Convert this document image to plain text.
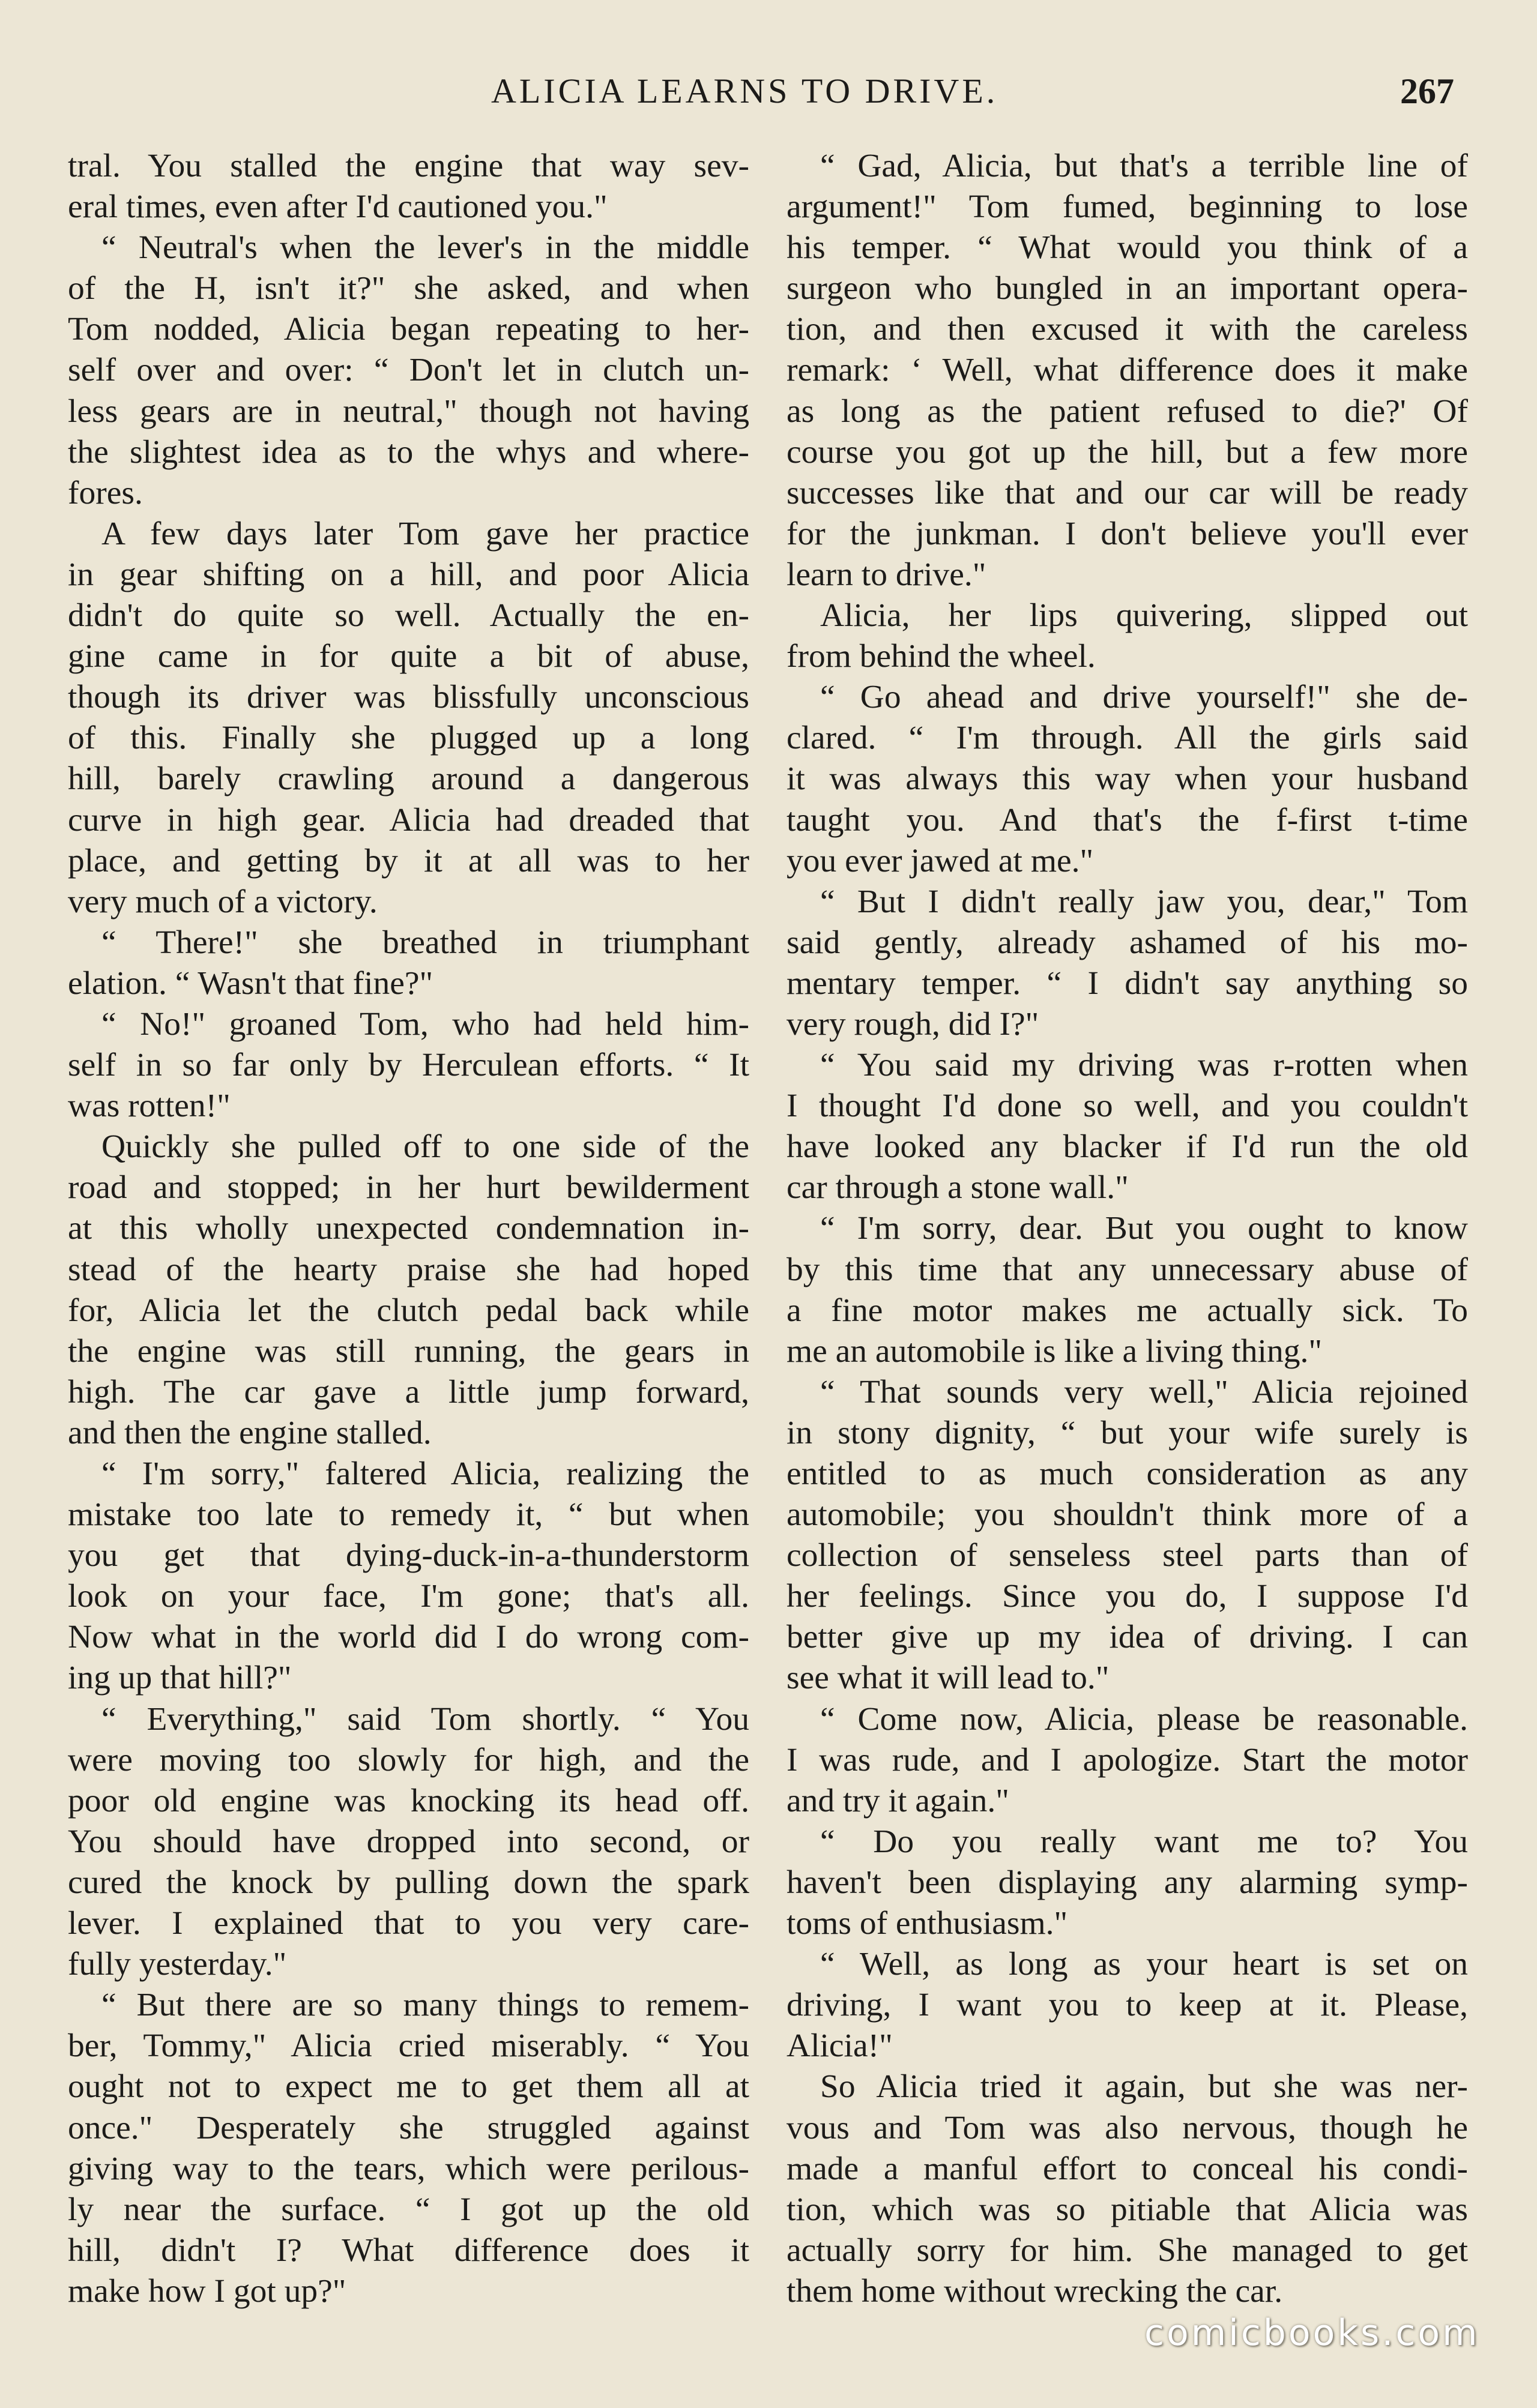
ALICIA LEARNS TO DRIVE.	267
tral. You stalled the engine that way sev-
eral times, even after I'd cautioned you."
“ Neutral's when the lever's in the middle
of the H, isn't it?" she asked, and when
Tom nodded, Alicia began repeating to her-
self over and over: “ Don't let in clutch un-
less gears are in neutral," though not having
the slightest idea as to the whys and where-
fores.
A few days later Tom gave her practice
in gear shifting on a hill, and poor Alicia
didn't do quite so well. Actually the en-
gine came in for quite a bit of abuse,
though its driver was blissfully unconscious
of this. Finally she plugged up a long
hill, barely crawling around a dangerous
curve in high gear. Alicia had dreaded that
place, and getting by it at all was to her
very much of a victory.
“ There!" she breathed in triumphant
elation. “ Wasn't that fine?"
“ No!" groaned Tom, who had held him-
self in so far only by Herculean efforts. “ It
was rotten!"
Quickly she pulled off to one side of the
road and stopped; in her hurt bewilderment
at this wholly unexpected condemnation in-
stead of the hearty praise she had hoped
for, Alicia let the clutch pedal back while
the engine was still running, the gears in
high. The car gave a little jump forward,
and then the engine stalled.
“ I'm sorry," faltered Alicia, realizing the
mistake too late to remedy it, “ but when
you get that dying-duck-in-a-thunderstorm
look on your face, I'm gone; that's all.
Now what in the world did I do wrong com-
ing up that hill?"
“ Everything," said Tom shortly. “ You
were moving too slowly for high, and the
poor old engine was knocking its head off.
You should have dropped into second, or
cured the knock by pulling down the spark
lever. I explained that to you very care-
fully yesterday."
“ But there are so many things to remem-
ber, Tommy," Alicia cried miserably. “ You
ought not to expect me to get them all at
once." Desperately she struggled against
giving way to the tears, which were perilous-
ly near the surface. “ I got up the old
hill, didn't I? What difference does it
make how I got up?"
“ Gad, Alicia, but that's a terrible line of
argument!" Tom fumed, beginning to lose
his temper. “ What would you think of a
surgeon who bungled in an important opera-
tion, and then excused it with the careless
remark: ‘ Well, what difference does it make
as long as the patient refused to die?' Of
course you got up the hill, but a few more
successes like that and our car will be ready
for the junkman. I don't believe you'll ever
learn to drive."
Alicia, her lips quivering, slipped out
from behind the wheel.
“ Go ahead and drive yourself!" she de-
clared. “ I'm through. All the girls said
it was always this way when your husband
taught you. And that's the f-first t-time
you ever jawed at me."
“ But I didn't really jaw you, dear," Tom
said gently, already ashamed of his mo-
mentary temper. “ I didn't say anything so
very rough, did I?"
“ You said my driving was r-rotten when
I thought I'd done so well, and you couldn't
have looked any blacker if I'd run the old
car through a stone wall."
“ I'm sorry, dear. But you ought to know
by this time that any unnecessary abuse of
a fine motor makes me actually sick. To
me an automobile is like a living thing."
“ That sounds very well," Alicia rejoined
in stony dignity, “ but your wife surely is
entitled to as much consideration as any
automobile; you shouldn't think more of a
collection of senseless steel parts than of
her feelings. Since you do, I suppose I'd
better give up my idea of driving. I can
see what it will lead to."
“ Come now, Alicia, please be reasonable.
I was rude, and I apologize. Start the motor
and try it again."
“ Do you really want me to? You
haven't been displaying any alarming symp-
toms of enthusiasm."
“ Well, as long as your heart is set on
driving, I want you to keep at it. Please,
Alicia!"
So Alicia tried it again, but she was ner-
vous and Tom was also nervous, though he
made a manful effort to conceal his condi-
tion, which was so pitiable that Alicia was
actually sorry for him. She managed to get
them home without wrecking the car.
comicbooks.com
